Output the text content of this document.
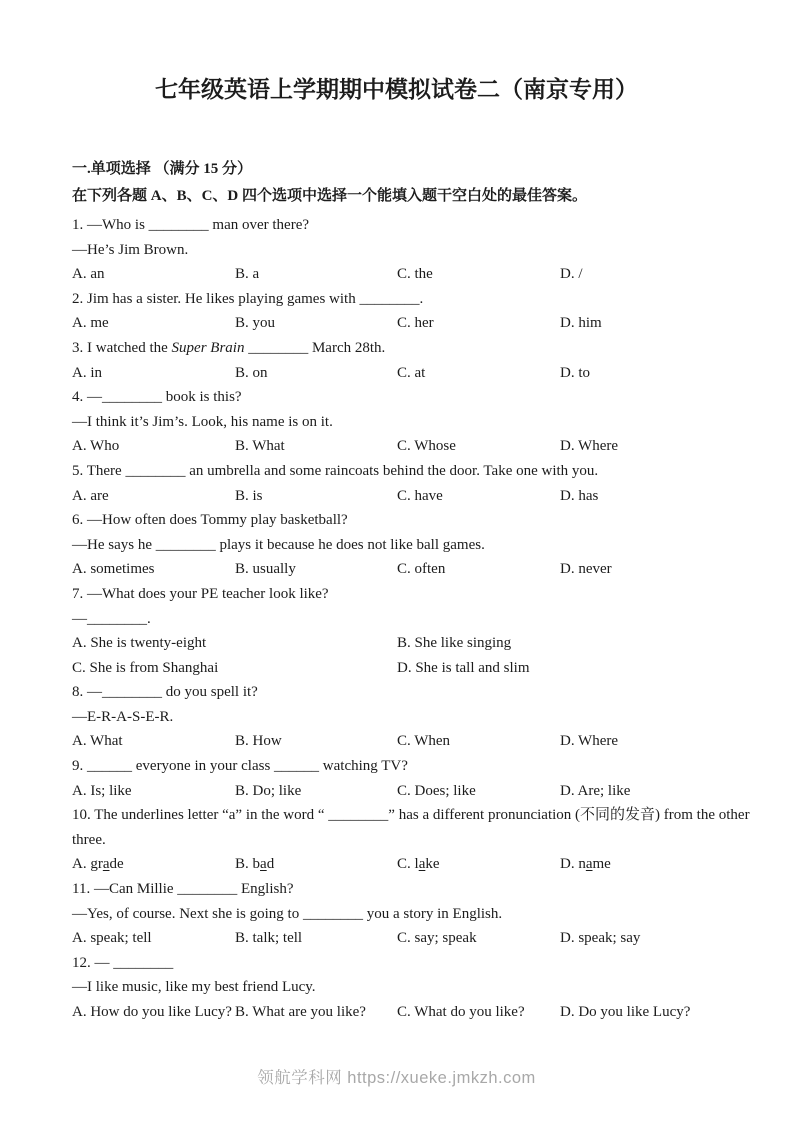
七年级英语上学期期中模拟试卷二（南京专用）
一.单项选择 （满分 15 分）
在下列各题 A、B、C、D 四个选项中选择一个能填入题干空白处的最佳答案。
1. —Who is ________ man over there?
—He’s Jim Brown.
A. an	B. a	C. the	D. /
2. Jim has a sister. He likes playing games with ________.
A. me	B. you	C. her	D. him
3. I watched the Super Brain ________ March 28th.
A. in	B. on	C. at	D. to
4. —________ book is this?
—I think it’s Jim’s. Look, his name is on it.
A. Who	B. What	C. Whose	D. Where
5. There ________ an umbrella and some raincoats behind the door. Take one with you.
A. are	B. is	C. have	D. has
6. —How often does Tommy play basketball?
—He says he ________ plays it because he does not like ball games.
A. sometimes	B. usually	C. often	D. never
7. —What does your PE teacher look like?
—________.
A. She is twenty-eight	B. She like singing
C. She is from Shanghai	D. She is tall and slim
8. —________ do you spell it?
—E-R-A-S-E-R.
A. What	B. How	C. When	D. Where
9. ______ everyone in your class ______ watching TV?
A. Is; like	B. Do; like	C. Does; like	D. Are; like
10. The underlines letter “a” in the word “ ________” has a different pronunciation (不同的发音) from the other
three.
A. grade	B. bad	C. lake	D. name
11. —Can Millie ________ English?
—Yes, of course. Next she is going to ________ you a story in English.
A. speak; tell	B. talk; tell	C. say; speak	D. speak; say
12. — ________
—I like music, like my best friend Lucy.
A. How do you like Lucy? B. What are you like?	C. What do you like?	D. Do you like Lucy?
领航学科网 https://xueke.jmkzh.com
